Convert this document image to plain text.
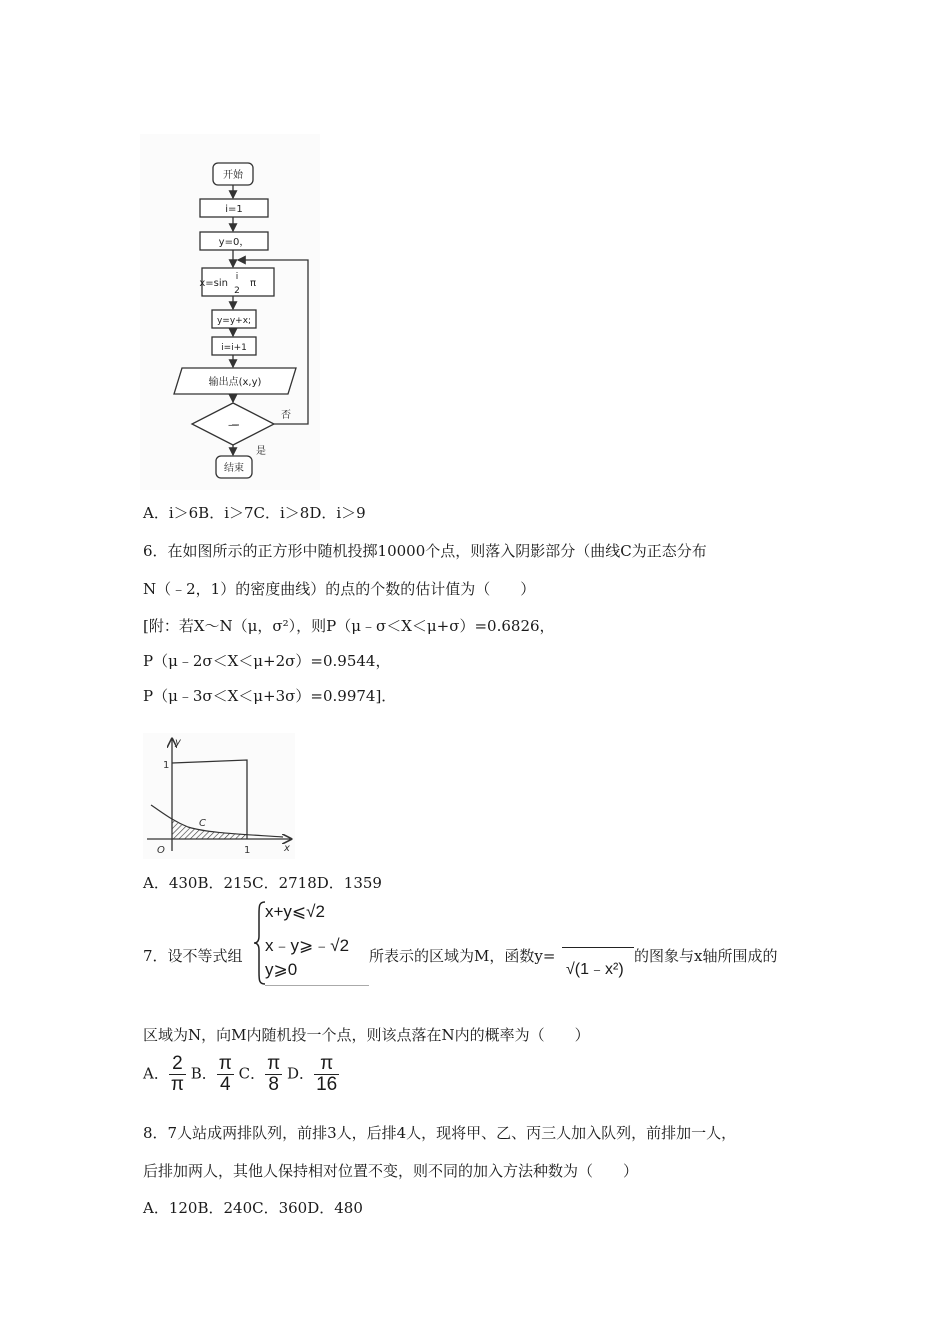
开始
i=1
y=0，
x=sin
i
2
π
y=y+x;
i=i+1
输出点(x,y)
—
否
是
结束
A．i＞6B．i＞7C．i＞8D．i＞9
6．在如图所示的正方形中随机投掷10000个点，则落入阴影部分（曲线C为正态分布
N（﹣2，1）的密度曲线）的点的个数的估计值为（　　）
[附：若X～N（μ，σ²），则P（μ﹣σ＜X＜μ+σ）=0.6826，
P（μ﹣2σ＜X＜μ+2σ）=0.9544，
P（μ﹣3σ＜X＜μ+3σ）=0.9974]．
y
x
O
1
1
C
A．430B．215C．2718D．1359
7．设不等式组
x+y⩽√2
x﹣y⩾﹣√2
y⩾0
所表示的区域为M，函数y=
√(1﹣x²)
的图象与x轴所围成的
区域为N，向M内随机投一个点，则该点落在N内的概率为（　　）
A． $\frac{2}{\pi}$ B． $\frac{\pi}{4}$ C． $\frac{\pi}{8}$ D． $\frac{\pi}{16}$
8．7人站成两排队列，前排3人，后排4人，现将甲、乙、丙三人加入队列，前排加一人，
后排加两人，其他人保持相对位置不变，则不同的加入方法种数为（　　）
A．120B．240C．360D．480
